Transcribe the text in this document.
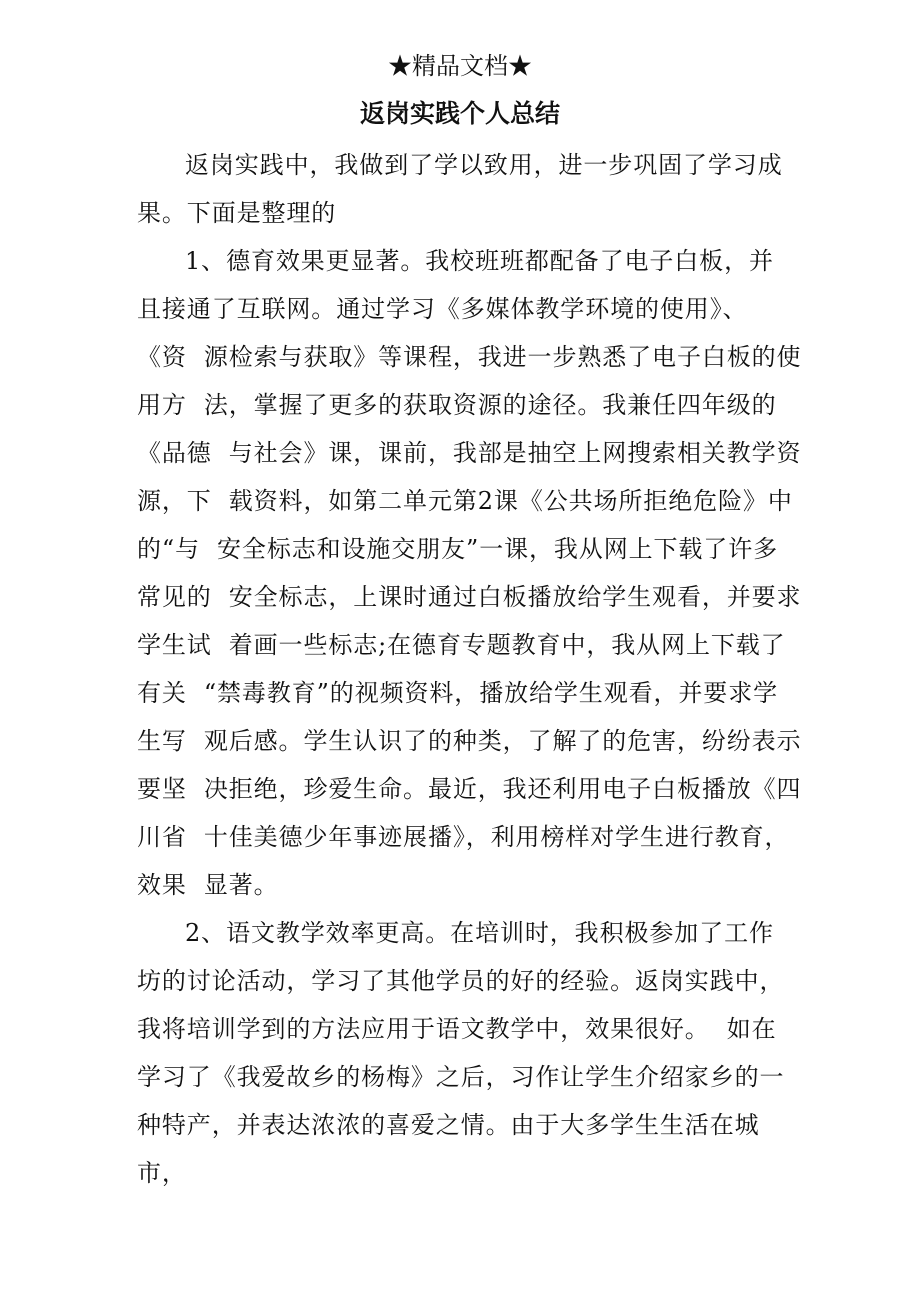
★精品文档★
返岗实践个人总结
返岗实践中，我做到了学以致用，进一步巩固了学习成
果。下面是整理的
1、德育效果更显著。我校班班都配备了电子白板，并
且接通了互联网。通过学习《多媒体教学环境的使用》、
《资  源检索与获取》等课程，我进一步熟悉了电子白板的使
用方  法，掌握了更多的获取资源的途径。我兼任四年级的
《品德  与社会》课，课前，我部是抽空上网搜索相关教学资
源，下  载资料，如第二单元第2课《公共场所拒绝危险》中
的“与  安全标志和设施交朋友”一课，我从网上下载了许多
常见的  安全标志，上课时通过白板播放给学生观看，并要求
学生试  着画一些标志;在德育专题教育中，我从网上下载了
有关  “禁毒教育”的视频资料，播放给学生观看，并要求学
生写  观后感。学生认识了的种类，了解了的危害，纷纷表示
要坚  决拒绝，珍爱生命。最近，我还利用电子白板播放《四
川省  十佳美德少年事迹展播》，利用榜样对学生进行教育，
效果  显著。
2、语文教学效率更高。在培训时，我积极参加了工作
坊的讨论活动，学习了其他学员的好的经验。返岗实践中，
我将培训学到的方法应用于语文教学中，效果很好。  如在
学习了《我爱故乡的杨梅》之后，习作让学生介绍家乡的一
种特产，并表达浓浓的喜爱之情。由于大多学生生活在城
市，
